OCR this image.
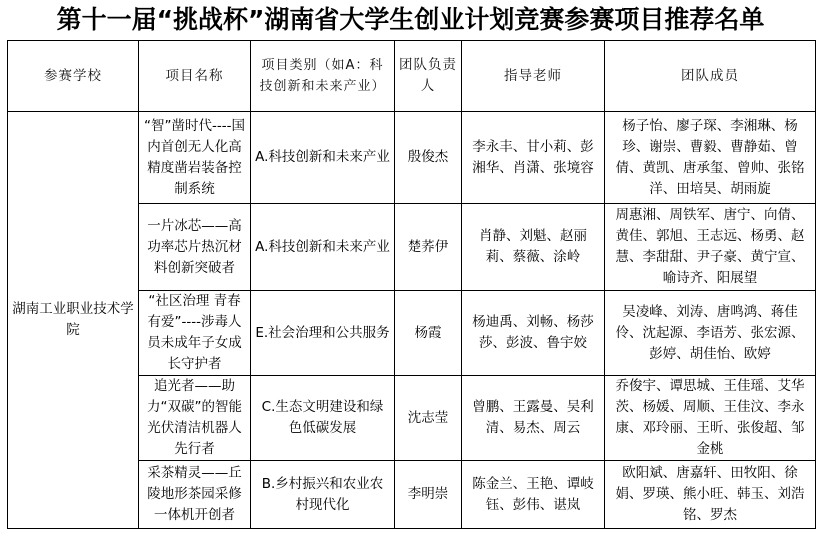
第十一届“挑战杯”湖南省大学生创业计划竞赛参赛项目推荐名单
参赛学校	项目名称	项目类别（如A：科技创新和未来产业）	团队负责人	指导老师	团队成员
湖南工业职业技术学院	“智”凿时代----国内首创无人化高精度凿岩装备控制系统	A.科技创新和未来产业	殷俊杰	李永丰、甘小莉、彭湘华、肖潇、张境容	杨子怡、廖子琛、李湘琳、杨珍、谢崇、曹毅、曹静茹、曾倩、黄凯、唐承玺、曾帅、张铭洋、田培昊、胡雨旋
	一片冰芯——高功率芯片热沉材料创新突破者	A.科技创新和未来产业	楚荞伊	肖静、刘魁、赵丽莉、蔡薇、涂岭	周惠湘、周铁军、唐宁、向倩、黄佳、郭旭、王志远、杨勇、赵慧、李甜甜、尹子豪、黄宁宣、喻诗齐、阳展望
	“社区治理 青春有爱”----涉毒人员未成年子女成长守护者	E.社会治理和公共服务	杨霞	杨迪禹、刘畅、杨莎莎、彭波、鲁宇姣	吴凌峰、刘涛、唐鸣鸿、蒋佳伶、沈起源、李语芳、张宏源、彭婷、胡佳怡、欧婷
	追光者——助力“双碳”的智能光伏清洁机器人先行者	C.生态文明建设和绿色低碳发展	沈志莹	曾鹏、王露曼、吴利清、易杰、周云	乔俊宇、谭思城、王佳瑶、艾华茨、杨媛、周顺、王佳汶、李永康、邓玲丽、王昕、张俊超、邹金桃
	采茶精灵——丘陵地形茶园采修一体机开创者	B.乡村振兴和农业农村现代化	李明崇	陈金兰、王艳、谭岐钰、彭伟、谌岚	欧阳斌、唐嘉轩、田牧阳、徐娟、罗瑛、熊小旺、韩玉、刘浩铭、罗杰
